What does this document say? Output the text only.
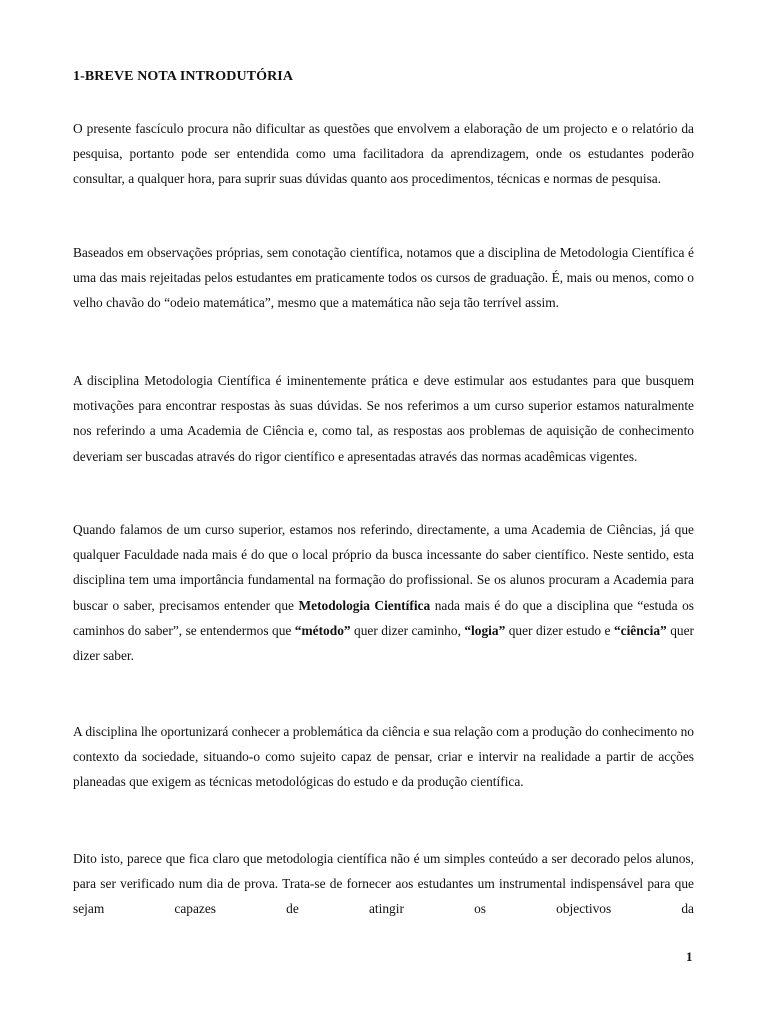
1-BREVE NOTA INTRODUTÓRIA

O presente fascículo procura não dificultar as questões que envolvem a elaboração de um projecto e o relatório da pesquisa, portanto pode ser entendida como uma facilitadora da aprendizagem, onde os estudantes poderão consultar, a qualquer hora, para suprir suas dúvidas quanto aos procedimentos, técnicas e normas de pesquisa.

Baseados em observações próprias, sem conotação científica, notamos que a disciplina de Metodologia Científica é uma das mais rejeitadas pelos estudantes em praticamente todos os cursos de graduação. É, mais ou menos, como o velho chavão do “odeio matemática”, mesmo que a matemática não seja tão terrível assim.

A disciplina Metodologia Científica é iminentemente prática e deve estimular aos estudantes para que busquem motivações para encontrar respostas às suas dúvidas. Se nos referimos a um curso superior estamos naturalmente nos referindo a uma Academia de Ciência e, como tal, as respostas aos problemas de aquisição de conhecimento deveriam ser buscadas através do rigor científico e apresentadas através das normas acadêmicas vigentes.

Quando falamos de um curso superior, estamos nos referindo, directamente, a uma Academia de Ciências, já que qualquer Faculdade nada mais é do que o local próprio da busca incessante do saber científico. Neste sentido, esta disciplina tem uma importância fundamental na formação do profissional. Se os alunos procuram a Academia para buscar o saber, precisamos entender que Metodologia Científica nada mais é do que a disciplina que “estuda os caminhos do saber”, se entendermos que “método” quer dizer caminho, “logia” quer dizer estudo e “ciência” quer dizer saber.

A disciplina lhe oportunizará conhecer a problemática da ciência e sua relação com a produção do conhecimento no contexto da sociedade, situando-o como sujeito capaz de pensar, criar e intervir na realidade a partir de acções planeadas que exigem as técnicas metodológicas do estudo e da produção científica.

Dito isto, parece que fica claro que metodologia científica não é um simples conteúdo a ser decorado pelos alunos, para ser verificado num dia de prova. Trata-se de fornecer aos estudantes um instrumental indispensável para que sejam capazes de atingir os objectivos da

1
